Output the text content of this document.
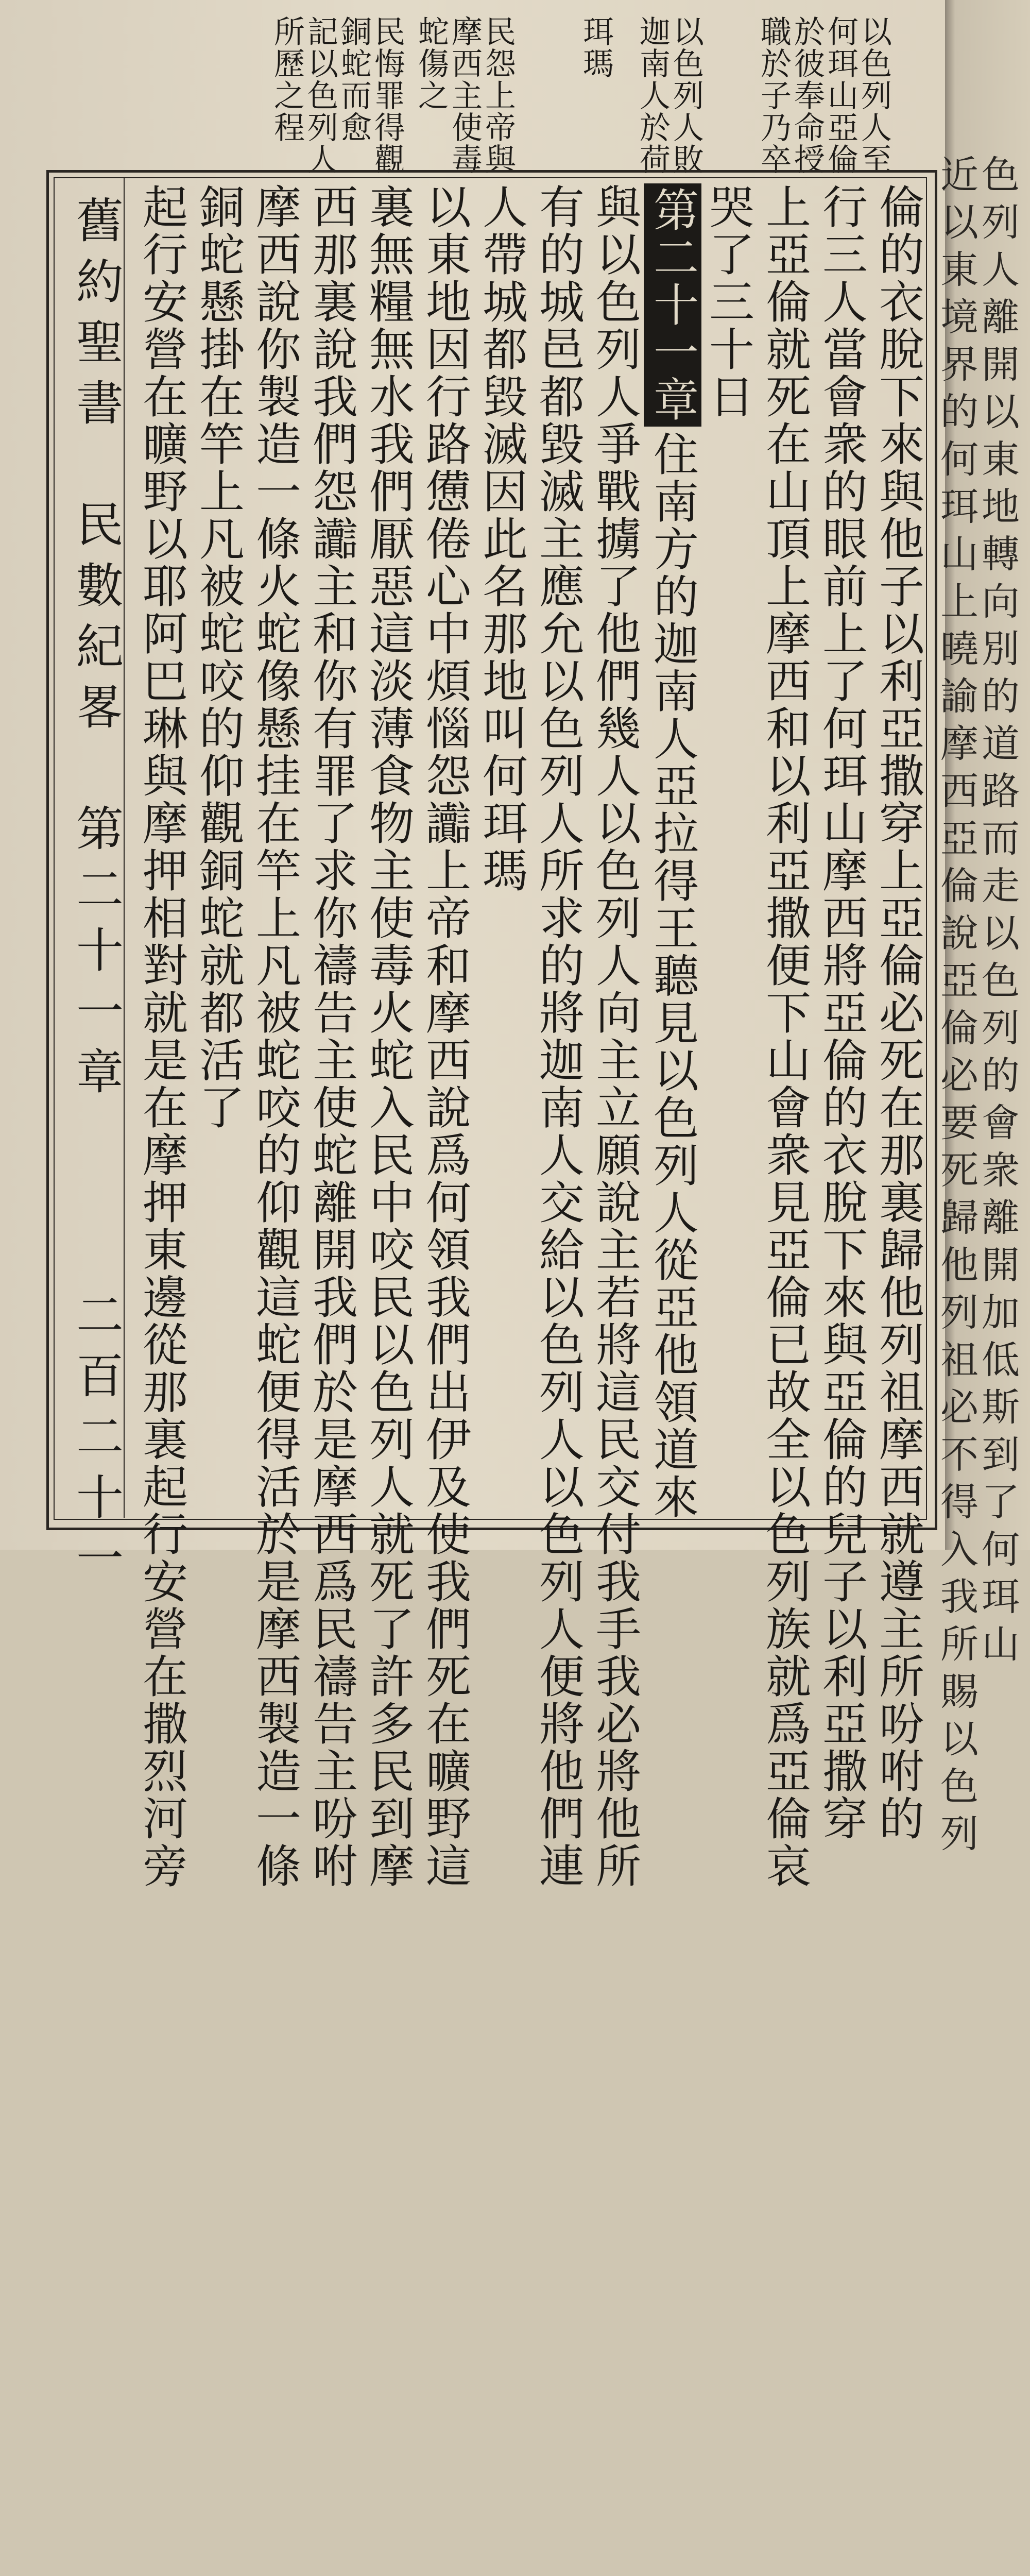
以色列人至
何珥山亞倫
於彼奉命授
職於子乃卒
以色列人敗
迦南人於荷
珥瑪
民怨上帝與
摩西主使毒
蛇傷之
民悔罪得觀
銅蛇而愈
記以色列人
所歷之程
倫的衣脫下來與他子以利亞撒穿上亞倫必死在那裏歸他列祖摩西就遵主所吩咐的
行三人當會衆的眼前上了何珥山摩西將亞倫的衣脫下來與亞倫的兒子以利亞撒穿
上亞倫就死在山頂上摩西和以利亞撒便下山會衆見亞倫已故全以色列族就爲亞倫哀
哭了三十日
第二十一章住南方的迦南人亞拉得王聽見以色列人從亞他領道來
與以色列人爭戰擄了他們幾人以色列人向主立願說主若將這民交付我手我必將他所
有的城邑都毀滅主應允以色列人所求的將迦南人交給以色列人以色列人便將他們連
人帶城都毀滅因此名那地叫何珥瑪
以東地因行路憊倦心中煩惱怨讟上帝和摩西說爲何領我們出伊及使我們死在曠野這
裏無糧無水我們厭惡這淡薄食物主使毒火蛇入民中咬民以色列人就死了許多民到摩
西那裏說我們怨讟主和你有罪了求你禱告主使蛇離開我們於是摩西爲民禱告主吩咐
摩西說你製造一條火蛇像懸挂在竿上凡被蛇咬的仰觀這蛇便得活於是摩西製造一條
銅蛇懸掛在竿上凡被蛇咬的仰觀銅蛇就都活了
起行安營在曠野以耶阿巴琳與摩押相對就是在摩押東邊從那裏起行安營在撒烈河旁
舊約聖書　民數紀畧　第二十一章　　　二百二十一	色列人離開以東地轉向別的道路而走以色列的會衆離開加低斯到了何珥山
近以東境界的何珥山上曉諭摩西亞倫說亞倫必要死歸他列祖必不得入我所賜以色列
